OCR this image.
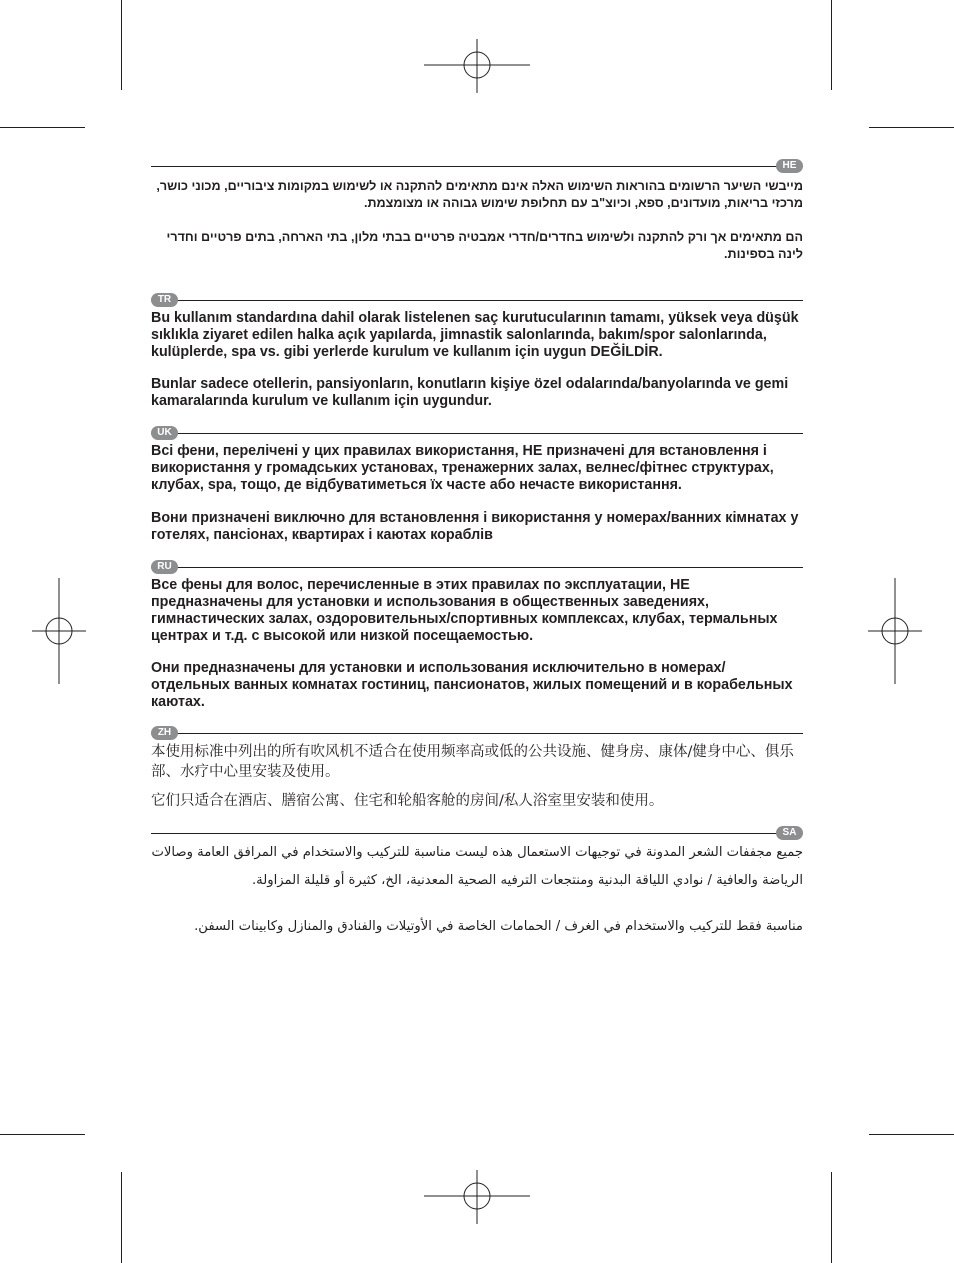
HE

מייבשי השיער הרשומים בהוראות השימוש האלה אינם מתאימים להתקנה או לשימוש במקומות ציבוריים, מכוני כושר, מרכזי בריאות, מועדונים, ספא, וכיוצ"ב עם תחלופת שימוש גבוהה או מצומצמת.

הם מתאימים אך ורק להתקנה ולשימוש בחדרים/חדרי אמבטיה פרטיים בבתי מלון, בתי הארחה, בתים פרטיים וחדרי לינה בספינות.

TR

Bu kullanım standardına dahil olarak listelenen saç kurutucularının tamamı, yüksek veya düşük sıklıkla ziyaret edilen halka açık yapılarda, jimnastik salonlarında, bakım/spor salonlarında, kulüplerde, spa vs. gibi yerlerde kurulum ve kullanım için uygun DEĞİLDİR.

Bunlar sadece otellerin, pansiyonların, konutların kişiye özel odalarında/banyolarında ve gemi kamaralarında kurulum ve kullanım için uygundur.

UK

Всі фени, перелічені у цих правилах використання, НЕ призначені для встановлення і використання у громадських установах, тренажерних залах, велнес/фітнес структурах, клубах, spa, тощо, де відбуватиметься їх часте або нечасте використання.

Вони призначені виключно для встановлення і використання у номерах/ванних кімнатах у готелях, пансіонах, квартирах і каютах кораблів

RU

Все фены для волос, перечисленные в этих правилах по эксплуатации, НЕ предназначены для установки и использования в общественных заведениях, гимнастических залах, оздоровительных/спортивных комплексах, клубах, термальных центрах и т.д. с высокой или низкой посещаемостью.

Они предназначены для установки и использования исключительно в номерах/отдельных ванных комнатах гостиниц, пансионатов, жилых помещений и в корабельных каютах.

ZH

本使用标准中列出的所有吹风机不适合在使用频率高或低的公共设施、健身房、康体/健身中心、俱乐部、水疗中心里安装及使用。

它们只适合在酒店、膳宿公寓、住宅和轮船客舱的房间/私人浴室里安装和使用。

SA

جميع مجففات الشعر المدونة في توجيهات الاستعمال هذه ليست مناسبة للتركيب والاستخدام في المرافق العامة وصالات الرياضة والعافية / نوادي اللياقة البدنية ومنتجعات الترفيه الصحية المعدنية، الخ، كثيرة أو قليلة المزاولة.

مناسبة فقط للتركيب والاستخدام في الغرف / الحمامات الخاصة في الأوتيلات والفنادق والمنازل وكابينات السفن.
